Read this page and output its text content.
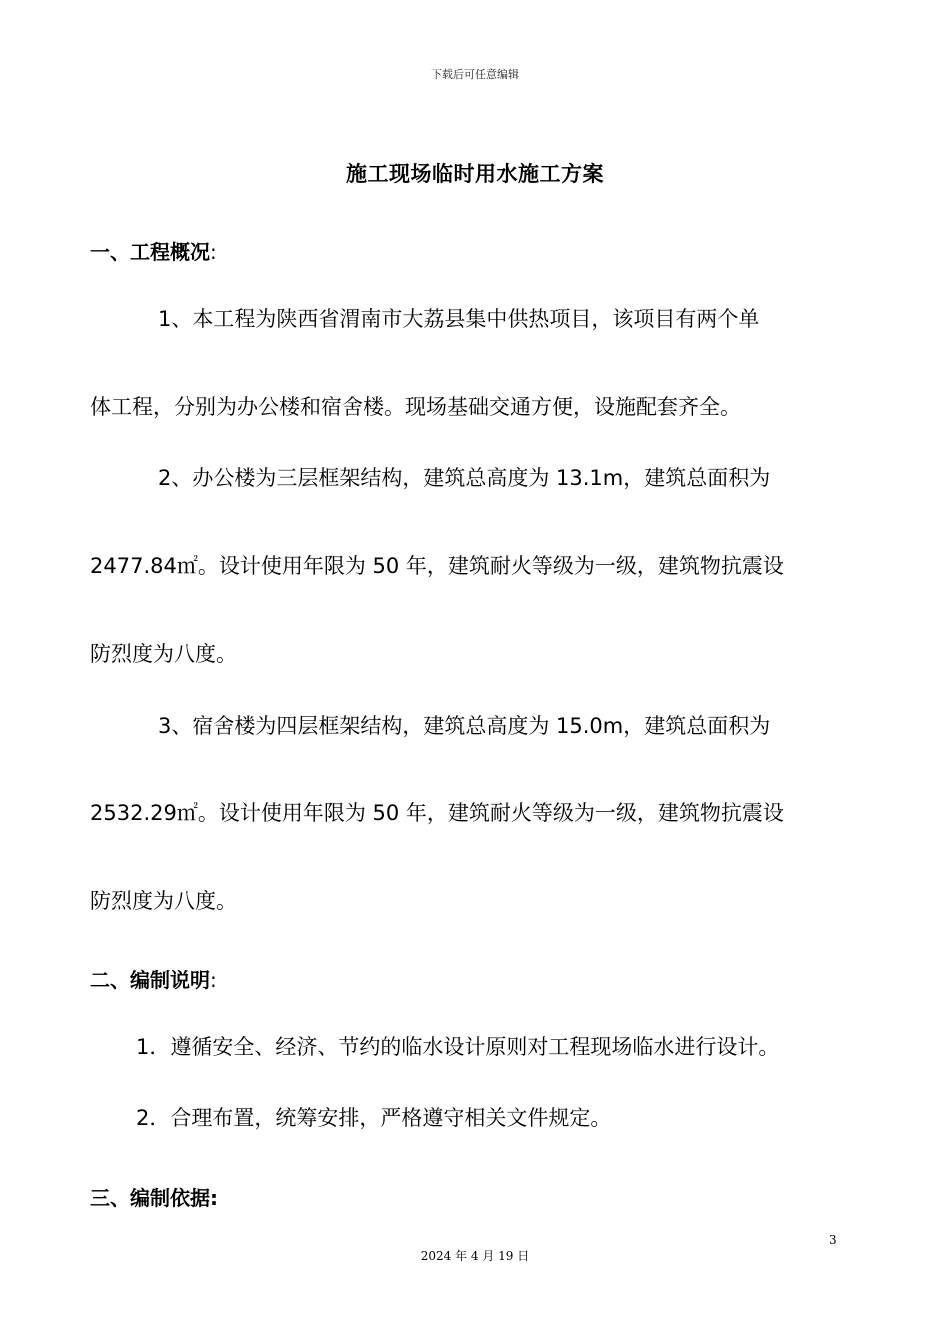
下载后可任意编辑
施工现场临时用水施工方案
一、工程概况:
1、本工程为陕西省渭南市大荔县集中供热项目，该项目有两个单
体工程，分别为办公楼和宿舍楼。现场基础交通方便，设施配套齐全。
2、办公楼为三层框架结构，建筑总高度为 13.1m，建筑总面积为
2477.84㎡。设计使用年限为 50 年，建筑耐火等级为一级，建筑物抗震设
防烈度为八度。
3、宿舍楼为四层框架结构，建筑总高度为 15.0m，建筑总面积为
2532.29㎡。设计使用年限为 50 年，建筑耐火等级为一级，建筑物抗震设
防烈度为八度。
二、编制说明:
1．遵循安全、经济、节约的临水设计原则对工程现场临水进行设计。
2．合理布置，统筹安排，严格遵守相关文件规定。
三、编制依据:
3
2024 年 4 月 19 日
